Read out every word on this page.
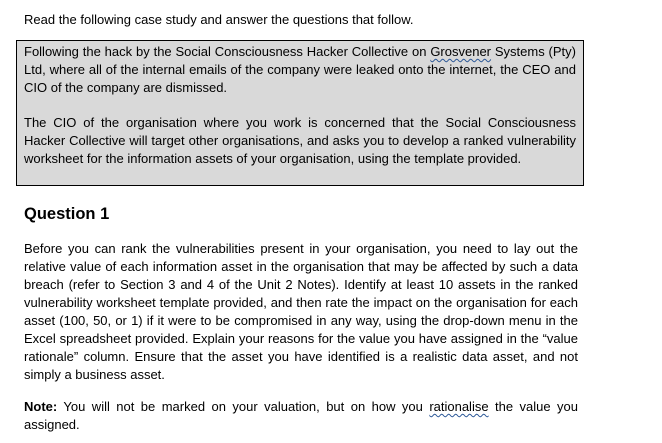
Read the following case study and answer the questions that follow.

Following the hack by the Social Consciousness Hacker Collective on Grosvener Systems (Pty) Ltd, where all of the internal emails of the company were leaked onto the internet, the CEO and CIO of the company are dismissed.

The CIO of the organisation where you work is concerned that the Social Consciousness Hacker Collective will target other organisations, and asks you to develop a ranked vulnerability worksheet for the information assets of your organisation, using the template provided.

Question 1

Before you can rank the vulnerabilities present in your organisation, you need to lay out the relative value of each information asset in the organisation that may be affected by such a data breach (refer to Section 3 and 4 of the Unit 2 Notes). Identify at least 10 assets in the ranked vulnerability worksheet template provided, and then rate the impact on the organisation for each asset (100, 50, or 1) if it were to be compromised in any way, using the drop-down menu in the Excel spreadsheet provided. Explain your reasons for the value you have assigned in the “value rationale” column. Ensure that the asset you have identified is a realistic data asset, and not simply a business asset.

Note: You will not be marked on your valuation, but on how you rationalise the value you assigned.
